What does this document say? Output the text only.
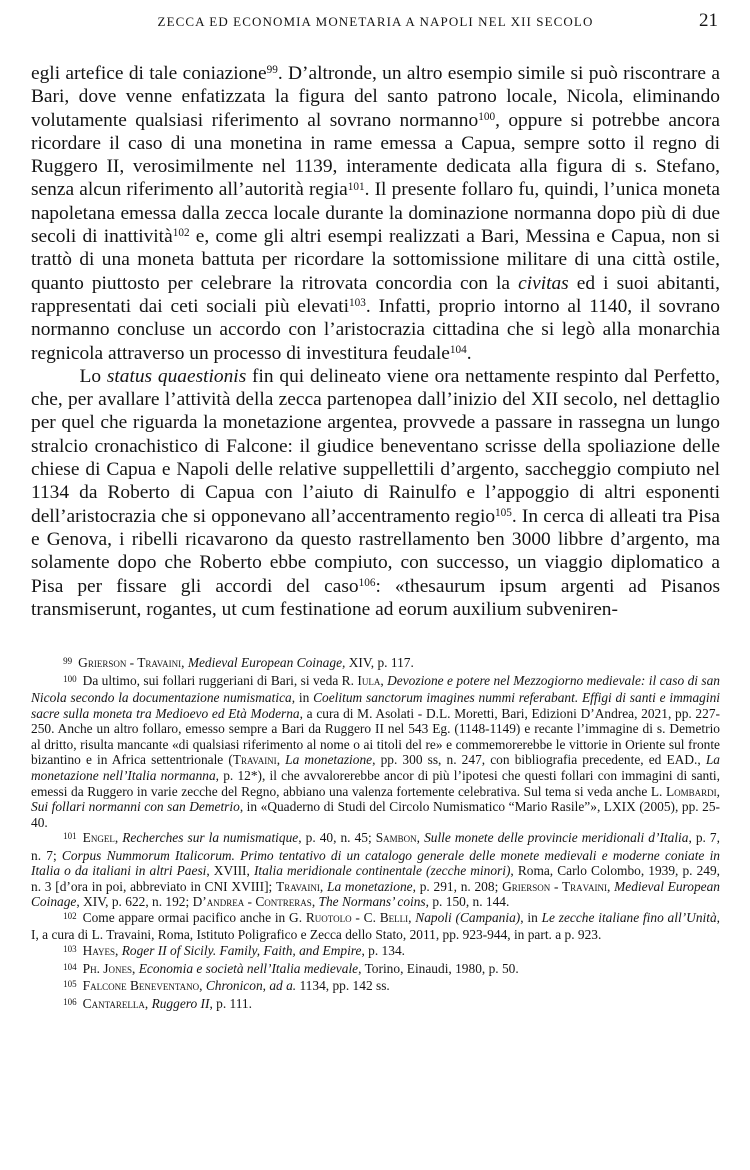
ZECCA ED ECONOMIA MONETARIA A NAPOLI NEL XII SECOLO	21

egli artefice di tale coniazione$^{99}$. D’altronde, un altro esempio simile si può riscontrare a Bari, dove venne enfatizzata la figura del santo patrono locale, Nicola, eliminando volutamente qualsiasi riferimento al sovrano normanno$^{100}$, oppure si potrebbe ancora ricordare il caso di una monetina in rame emessa a Capua, sempre sotto il regno di Ruggero II, verosimilmente nel 1139, interamente dedicata alla figura di s. Stefano, senza alcun riferimento all’autorità regia$^{101}$. Il presente follaro fu, quindi, l’unica moneta napoletana emessa dalla zecca locale durante la dominazione normanna dopo più di due secoli di inattività$^{102}$ e, come gli altri esempi realizzati a Bari, Messina e Capua, non si trattò di una moneta battuta per ricordare la sottomissione militare di una città ostile, quanto piuttosto per celebrare la ritrovata concordia con la civitas ed i suoi abitanti, rappresentati dai ceti sociali più elevati$^{103}$. Infatti, proprio intorno al 1140, il sovrano normanno concluse un accordo con l’aristocrazia cittadina che si legò alla monarchia regnicola attraverso un processo di investitura feudale$^{104}$.

Lo status quaestionis fin qui delineato viene ora nettamente respinto dal Perfetto, che, per avallare l’attività della zecca partenopea dall’inizio del XII secolo, nel dettaglio per quel che riguarda la monetazione argentea, provvede a passare in rassegna un lungo stralcio cronachistico di Falcone: il giudice beneventano scrisse della spoliazione delle chiese di Capua e Napoli delle relative suppellettili d’argento, saccheggio compiuto nel 1134 da Roberto di Capua con l’aiuto di Rainulfo e l’appoggio di altri esponenti dell’aristocrazia che si opponevano all’accentramento regio$^{105}$. In cerca di alleati tra Pisa e Genova, i ribelli ricavarono da questo rastrellamento ben 3000 libbre d’argento, ma solamente dopo che Roberto ebbe compiuto, con successo, un viaggio diplomatico a Pisa per fissare gli accordi del caso$^{106}$: «thesaurum ipsum argenti ad Pisanos transmiserunt, rogantes, ut cum festinatione ad eorum auxilium subveniren-

$^{99}$ Grierson - Travaini, Medieval European Coinage, XIV, p. 117.

$^{100}$ Da ultimo, sui follari ruggeriani di Bari, si veda R. Iula, Devozione e potere nel Mezzogiorno medievale: il caso di san Nicola secondo la documentazione numismatica, in Coelitum sanctorum imagines nummi referabant. Effigi di santi e immagini sacre sulla moneta tra Medioevo ed Età Moderna, a cura di M. Asolati - D.L. Moretti, Bari, Edizioni D’Andrea, 2021, pp. 227-250. Anche un altro follaro, emesso sempre a Bari da Ruggero II nel 543 Eg. (1148-1149) e recante l’immagine di s. Demetrio al dritto, risulta mancante «di qualsiasi riferimento al nome o ai titoli del re» e commemorerebbe le vittorie in Oriente sul fronte bizantino e in Africa settentrionale (Travaini, La monetazione, pp. 300 ss, n. 247, con bibliografia precedente, ed EAD., La monetazione nell’Italia normanna, p. 12*), il che avvalorerebbe ancor di più l’ipotesi che questi follari con immagini di santi, emessi da Ruggero in varie zecche del Regno, abbiano una valenza fortemente celebrativa. Sul tema si veda anche L. Lombardi, Sui follari normanni con san Demetrio, in «Quaderno di Studi del Circolo Numismatico “Mario Rasile”», LXIX (2005), pp. 25-40.

$^{101}$ Engel, Recherches sur la numismatique, p. 40, n. 45; Sambon, Sulle monete delle provincie meridionali d’Italia, p. 7, n. 7; Corpus Nummorum Italicorum. Primo tentativo di un catalogo generale delle monete medievali e moderne coniate in Italia o da italiani in altri Paesi, XVIII, Italia meridionale continentale (zecche minori), Roma, Carlo Colombo, 1939, p. 249, n. 3 [d’ora in poi, abbreviato in CNI XVIII]; Travaini, La monetazione, p. 291, n. 208; Grierson - Travaini, Medieval European Coinage, XIV, p. 622, n. 192; D’andrea - Contreras, The Normans’ coins, p. 150, n. 144.

$^{102}$ Come appare ormai pacifico anche in G. Ruotolo - C. Belli, Napoli (Campania), in Le zecche italiane fino all’Unità, I, a cura di L. Travaini, Roma, Istituto Poligrafico e Zecca dello Stato, 2011, pp. 923-944, in part. a p. 923.

$^{103}$ Hayes, Roger II of Sicily. Family, Faith, and Empire, p. 134.

$^{104}$ Ph. Jones, Economia e società nell’Italia medievale, Torino, Einaudi, 1980, p. 50.

$^{105}$ Falcone Beneventano, Chronicon, ad a. 1134, pp. 142 ss.

$^{106}$ Cantarella, Ruggero II, p. 111.
